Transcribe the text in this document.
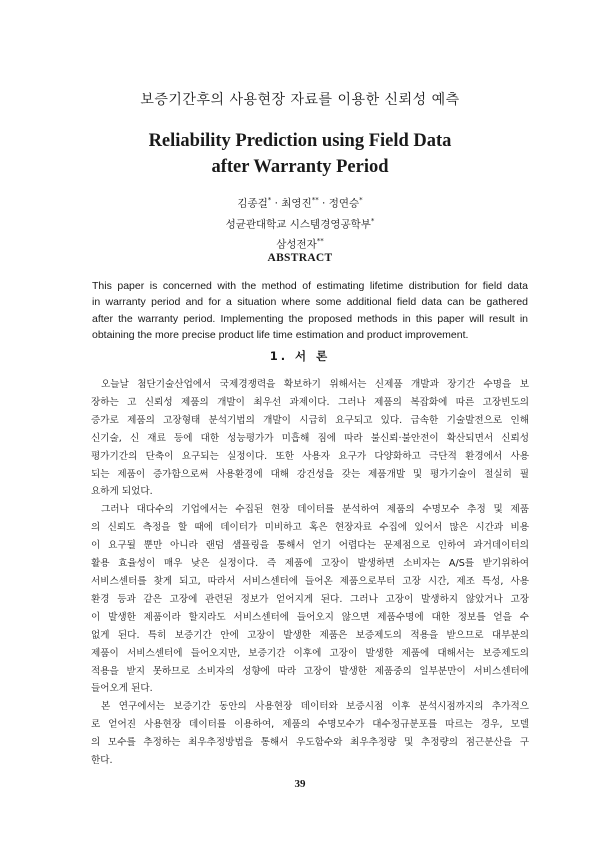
보증기간후의 사용현장 자료를 이용한 신뢰성 예측
Reliability Prediction using Field Data
after Warranty Period
김종걸* · 최영진** · 정연승*
성균관대학교 시스템경영공학부*
삼성전자**
ABSTRACT
This paper is concerned with the method of estimating lifetime distribution for field data
in warranty period and for a situation where some additional field data can be gathered
after the warranty period. Implementing the proposed methods in this paper will result in
obtaining the more precise product life time estimation and product improvement.
1. 서 론
오늘날 첨단기술산업에서 국제경쟁력을 확보하기 위해서는 신제품 개발과 장기간 수명을 보
장하는 고 신뢰성 제품의 개발이 최우선 과제이다. 그러나 제품의 복잡화에 따른 고장빈도의
증가로 제품의 고장형태 분석기법의 개발이 시급히 요구되고 있다. 급속한 기술발전으로 인해
신기술, 신 재료 등에 대한 성능평가가 미흡해 짐에 따라 불신뢰·불안전이 확산되면서 신뢰성
평가기간의 단축이 요구되는 실정이다. 또한 사용자 요구가 다양화하고 극단적 환경에서 사용
되는 제품이 증가함으로써 사용환경에 대해 강건성을 갖는 제품개발 및 평가기술이 절실히 필
요하게 되었다.
그러나 대다수의 기업에서는 수집된 현장 데이터를 분석하여 제품의 수명모수 추정 및 제품
의 신뢰도 측정을 할 때에 데이터가 미비하고 혹은 현장자료 수집에 있어서 많은 시간과 비용
이 요구될 뿐만 아니라 랜덤 샘플링을 통해서 얻기 어렵다는 문제점으로 인하여 과거데이터의
활용 효율성이 매우 낮은 실정이다. 즉 제품에 고장이 발생하면 소비자는 A/S를 받기위하여
서비스센터를 찾게 되고, 따라서 서비스센터에 들어온 제품으로부터 고장 시간, 제조 특성, 사용
환경 등과 같은 고장에 관련된 정보가 얻어지게 된다. 그러나 고장이 발생하지 않았거나 고장
이 발생한 제품이라 할지라도 서비스센터에 들어오지 않으면 제품수명에 대한 정보를 얻을 수
없게 된다. 특히 보증기간 안에 고장이 발생한 제품은 보증제도의 적용을 받으므로 대부분의
제품이 서비스센터에 들어오지만, 보증기간 이후에 고장이 발생한 제품에 대해서는 보증제도의
적용을 받지 못하므로 소비자의 성향에 따라 고장이 발생한 제품중의 일부분만이 서비스센터에
들어오게 된다.
본 연구에서는 보증기간 동안의 사용현장 데이터와 보증시점 이후 분석시점까지의 추가적으
로 얻어진 사용현장 데이터를 이용하여, 제품의 수명모수가 대수정규분포를 따르는 경우, 모델
의 모수를 추정하는 최우추정방법을 통해서 우도함수와 최우추정량 및 추정량의 점근분산을 구
한다.
39
